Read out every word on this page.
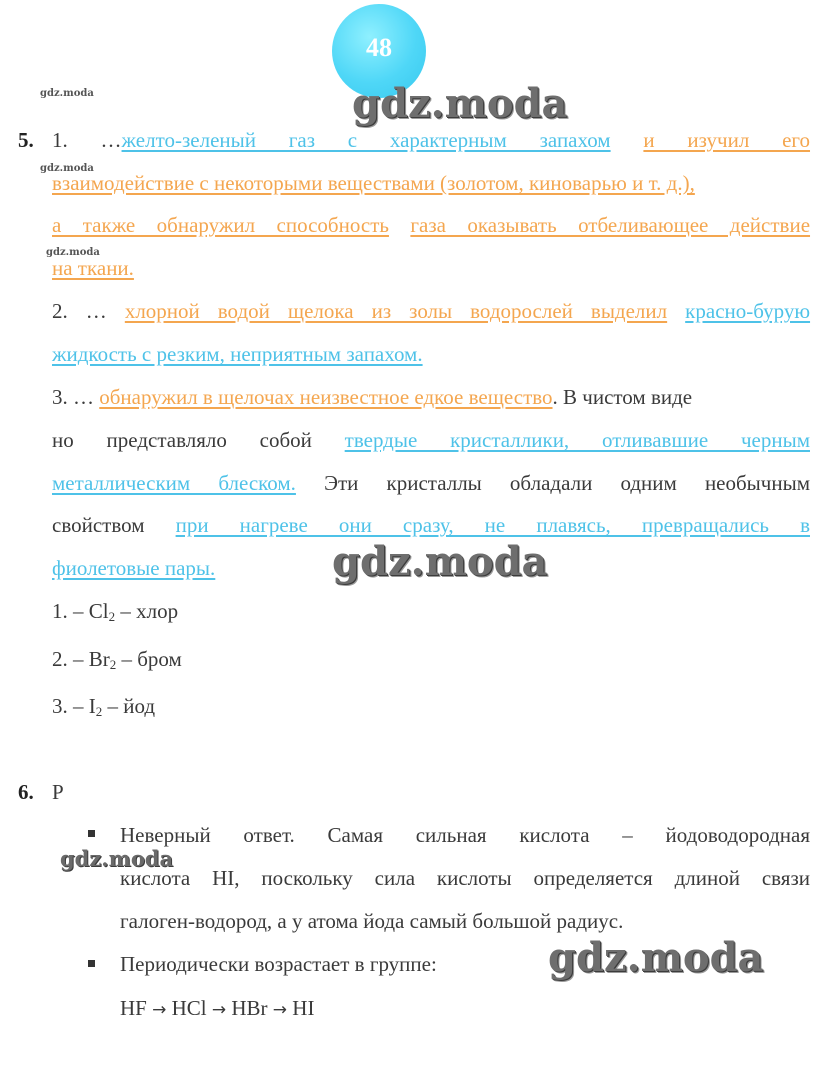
48
gdz.moda
gdz.moda
gdz.moda
gdz.moda
gdz.moda
gdz.moda
gdz.moda
5. 1. …желто-зеленый газ с характерным запахом и изучил его
взаимодействие с некоторыми веществами (золотом, киноварью и т. д.),
а также обнаружил способность газа оказывать отбеливающее действие
на ткани.
2. … хлорной водой щелока из золы водорослей выделил красно-бурую
жидкость с резким, неприятным запахом.
3. … обнаружил в щелочах неизвестное едкое вещество. В чистом виде
но представляло собой твердые кристаллики, отливавшие черным
металлическим блеском. Эти кристаллы обладали одним необычным
свойством при нагреве они сразу, не плавясь, превращались в
фиолетовые пары.
1. – $Cl_2$ – хлор
2. – $Br_2$ – бром
3. – $I_2$ – йод
6. Р
Неверный ответ. Самая сильная кислота – йодоводородная
кислота HI, поскольку сила кислоты определяется длиной связи
галоген-водород, а у атома йода самый большой радиус.
Периодически возрастает в группе:
HF → HCl → HBr → HI
